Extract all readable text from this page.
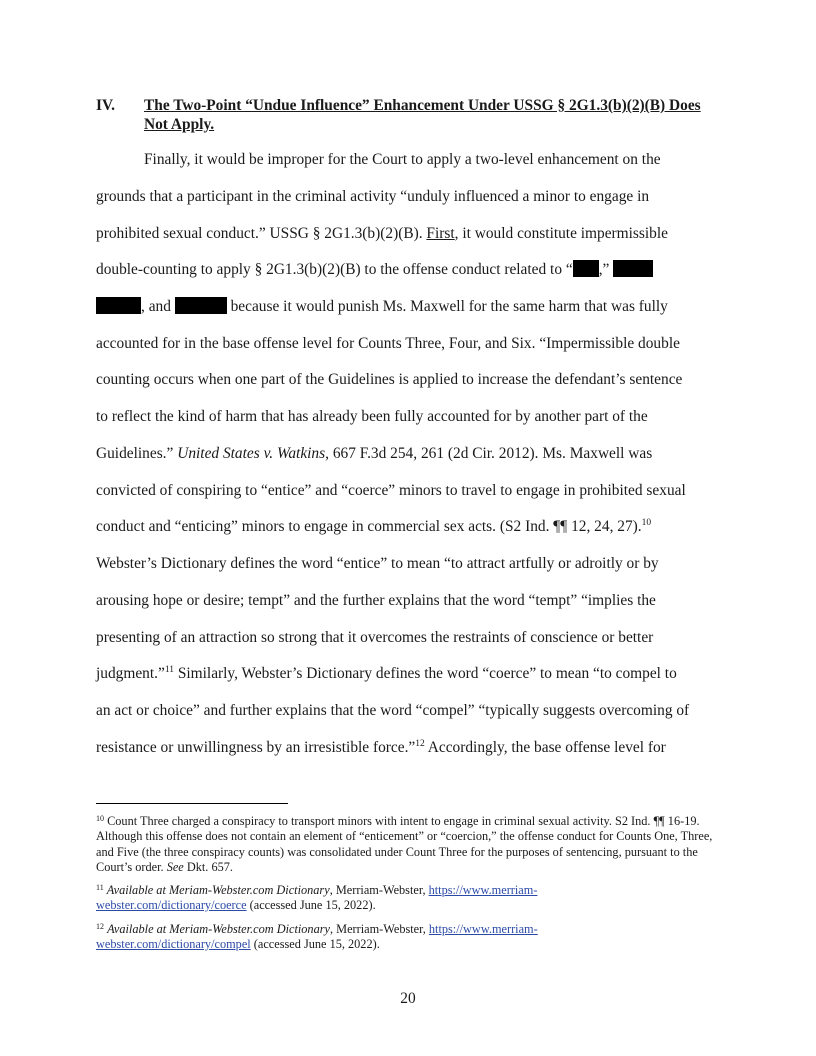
IV. The Two-Point “Undue Influence” Enhancement Under USSG § 2G1.3(b)(2)(B) Does Not Apply.
Finally, it would be improper for the Court to apply a two-level enhancement on the
grounds that a participant in the criminal activity “unduly influenced a minor to engage in
prohibited sexual conduct.” USSG § 2G1.3(b)(2)(B). First, it would constitute impermissible
double-counting to apply § 2G1.3(b)(2)(B) to the offense conduct related to “ ,”
, and	because it would punish Ms. Maxwell for the same harm that was fully
accounted for in the base offense level for Counts Three, Four, and Six. “Impermissible double
counting occurs when one part of the Guidelines is applied to increase the defendant’s sentence
to reflect the kind of harm that has already been fully accounted for by another part of the
Guidelines.” United States v. Watkins, 667 F.3d 254, 261 (2d Cir. 2012). Ms. Maxwell was
convicted of conspiring to “entice” and “coerce” minors to travel to engage in prohibited sexual
conduct and “enticing” minors to engage in commercial sex acts. (S2 Ind. ¶¶ 12, 24, 27).$^{10}$
Webster’s Dictionary defines the word “entice” to mean “to attract artfully or adroitly or by
arousing hope or desire; tempt” and the further explains that the word “tempt” “implies the
presenting of an attraction so strong that it overcomes the restraints of conscience or better
judgment.”$^{11}$ Similarly, Webster’s Dictionary defines the word “coerce” to mean “to compel to
an act or choice” and further explains that the word “compel” “typically suggests overcoming of
resistance or unwillingness by an irresistible force.”$^{12}$ Accordingly, the base offense level for
$^{10}$ Count Three charged a conspiracy to transport minors with intent to engage in criminal sexual activity. S2 Ind. ¶¶ 16-19. Although this offense does not contain an element of “enticement” or “coercion,” the offense conduct for Counts One, Three, and Five (the three conspiracy counts) was consolidated under Count Three for the purposes of sentencing, pursuant to the Court’s order. See Dkt. 657.
$^{11}$ Available at Meriam-Webster.com Dictionary, Merriam-Webster, https://www.merriam-
webster.com/dictionary/coerce (accessed June 15, 2022).
$^{12}$ Available at Meriam-Webster.com Dictionary, Merriam-Webster, https://www.merriam-
webster.com/dictionary/compel (accessed June 15, 2022).
20
